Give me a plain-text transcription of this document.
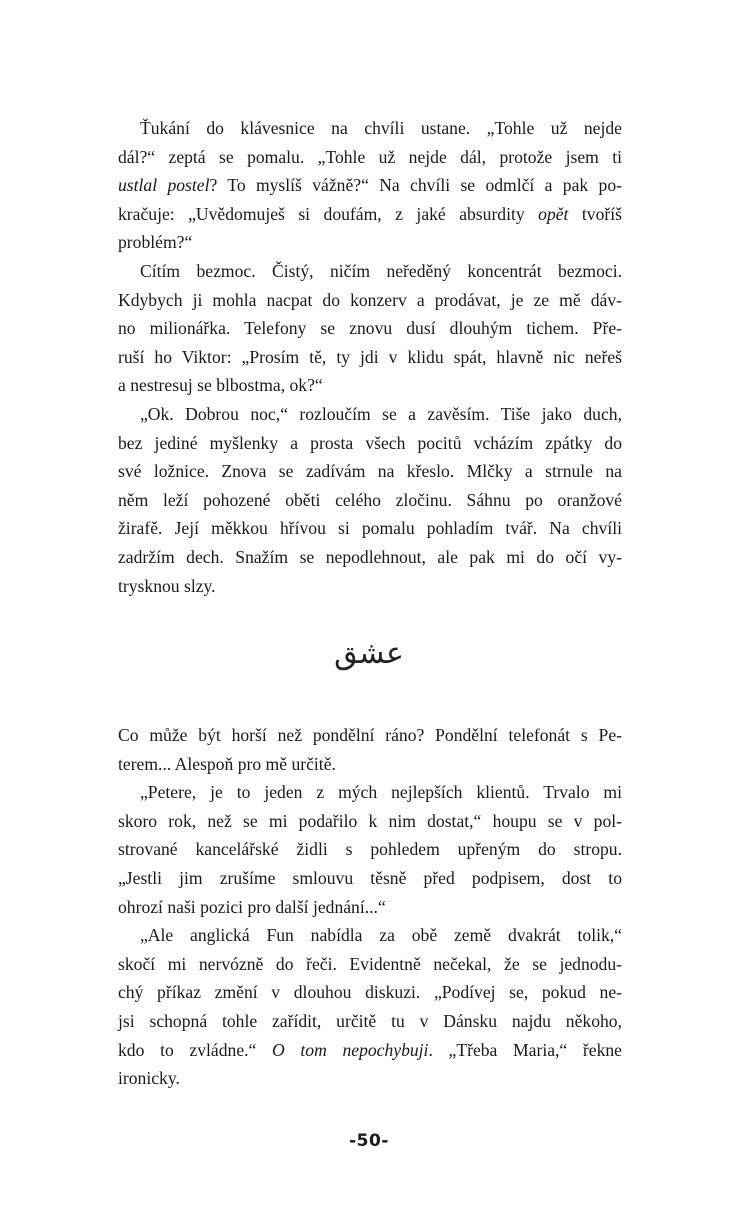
Ťukání do klávesnice na chvíli ustane. „Tohle už nejde
dál?“ zeptá se pomalu. „Tohle už nejde dál, protože jsem ti
ustlal postel? To myslíš vážně?“ Na chvíli se odmlčí a pak po-
kračuje: „Uvědomuješ si doufám, z jaké absurdity opět tvoříš
problém?“
Cítím bezmoc. Čistý, ničím neředěný koncentrát bezmoci.
Kdybych ji mohla nacpat do konzerv a prodávat, je ze mě dáv-
no milionářka. Telefony se znovu dusí dlouhým tichem. Pře-
ruší ho Viktor: „Prosím tě, ty jdi v klidu spát, hlavně nic neřeš
a nestresuj se blbostma, ok?“
„Ok. Dobrou noc,“ rozloučím se a zavěsím. Tiše jako duch,
bez jediné myšlenky a prosta všech pocitů vcházím zpátky do
své ložnice. Znova se zadívám na křeslo. Mlčky a strnule na
něm leží pohozené oběti celého zločinu. Sáhnu po oranžové
žirafě. Její měkkou hřívou si pomalu pohladím tvář. Na chvíli
zadržím dech. Snažím se nepodlehnout, ale pak mi do očí vy-
trysknou slzy.
عشق
Co může být horší než pondělní ráno? Pondělní telefonát s Pe-
terem... Alespoň pro mě určitě.
„Petere, je to jeden z mých nejlepších klientů. Trvalo mi
skoro rok, než se mi podařilo k nim dostat,“ houpu se v pol-
strované kancelářské židli s pohledem upřeným do stropu.
„Jestli jim zrušíme smlouvu těsně před podpisem, dost to
ohrozí naši pozici pro další jednání...“
„Ale anglická Fun nabídla za obě země dvakrát tolik,“
skočí mi nervózně do řeči. Evidentně nečekal, že se jednodu-
chý příkaz změní v dlouhou diskuzi. „Podívej se, pokud ne-
jsi schopná tohle zařídit, určitě tu v Dánsku najdu někoho,
kdo to zvládne.“ O tom nepochybuji. „Třeba Maria,“ řekne
ironicky.
-50-
